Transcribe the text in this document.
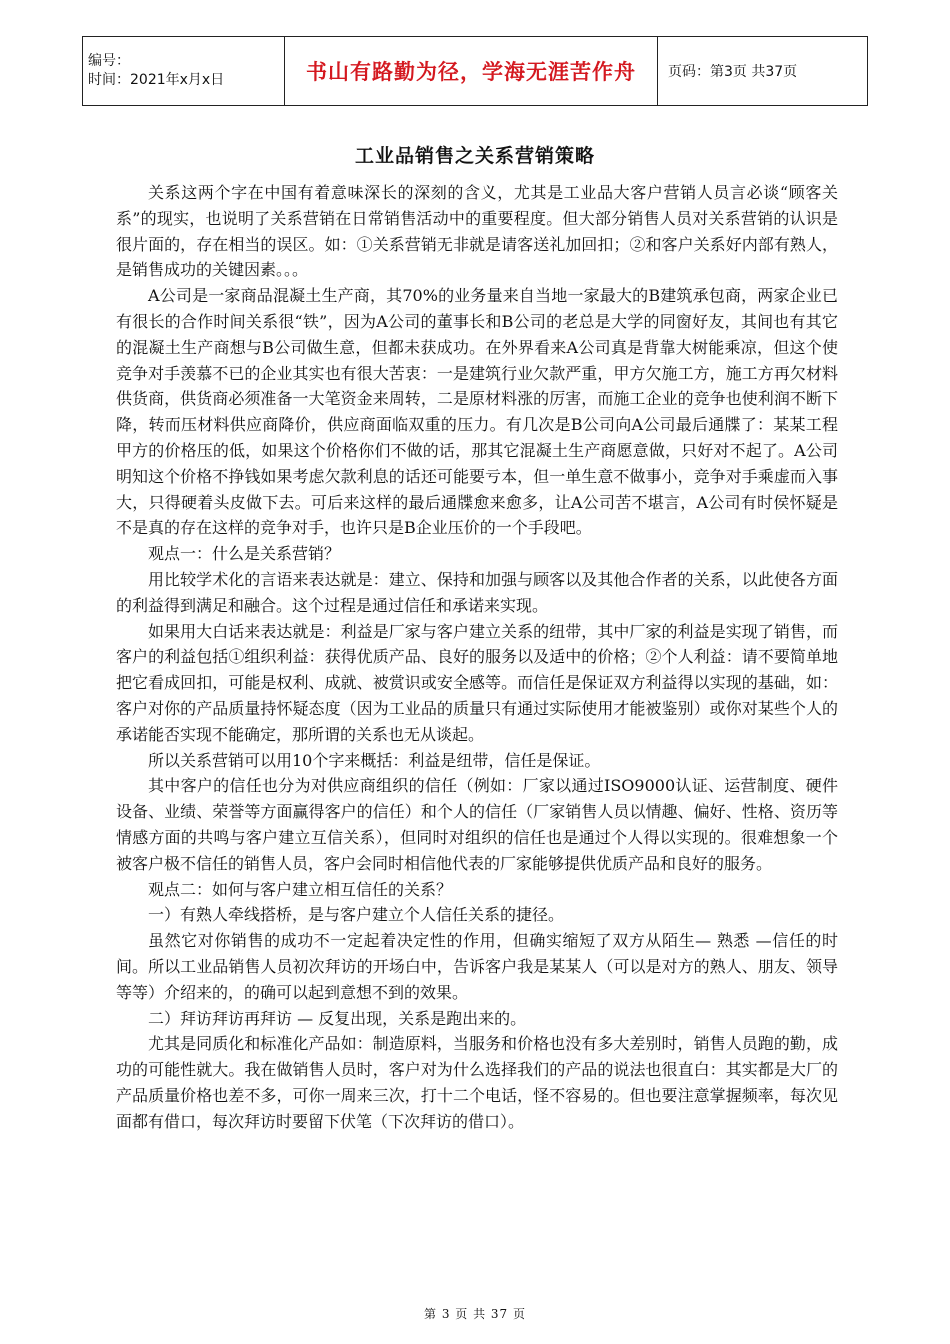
编号：
时间：2021年x月x日	书山有路勤为径，学海无涯苦作舟	页码：第3页 共37页
工业品销售之关系营销策略

关系这两个字在中国有着意味深长的深刻的含义，尤其是工业品大客户营销人员言必谈“顾客关系”的现实，也说明了关系营销在日常销售活动中的重要程度。但大部分销售人员对关系营销的认识是很片面的，存在相当的误区。如：①关系营销无非就是请客送礼加回扣；②和客户关系好内部有熟人，是销售成功的关键因素。。。

A公司是一家商品混凝土生产商，其70%的业务量来自当地一家最大的B建筑承包商，两家企业已有很长的合作时间关系很“铁”，因为A公司的董事长和B公司的老总是大学的同窗好友，其间也有其它的混凝土生产商想与B公司做生意，但都未获成功。在外界看来A公司真是背靠大树能乘凉，但这个使竞争对手羡慕不已的企业其实也有很大苦衷：一是建筑行业欠款严重，甲方欠施工方，施工方再欠材料供货商，供货商必须准备一大笔资金来周转，二是原材料涨的厉害，而施工企业的竞争也使利润不断下降，转而压材料供应商降价，供应商面临双重的压力。有几次是B公司向A公司最后通牒了：某某工程甲方的价格压的低，如果这个价格你们不做的话，那其它混凝土生产商愿意做，只好对不起了。A公司明知这个价格不挣钱如果考虑欠款利息的话还可能要亏本，但一单生意不做事小，竞争对手乘虚而入事大，只得硬着头皮做下去。可后来这样的最后通牒愈来愈多，让A公司苦不堪言，A公司有时侯怀疑是不是真的存在这样的竞争对手，也许只是B企业压价的一个手段吧。

观点一：什么是关系营销？

用比较学术化的言语来表达就是：建立、保持和加强与顾客以及其他合作者的关系，以此使各方面的利益得到满足和融合。这个过程是通过信任和承诺来实现。

如果用大白话来表达就是：利益是厂家与客户建立关系的纽带，其中厂家的利益是实现了销售，而客户的利益包括①组织利益：获得优质产品、良好的服务以及适中的价格；②个人利益：请不要简单地把它看成回扣，可能是权利、成就、被赏识或安全感等。而信任是保证双方利益得以实现的基础，如：客户对你的产品质量持怀疑态度（因为工业品的质量只有通过实际使用才能被鉴别）或你对某些个人的承诺能否实现不能确定，那所谓的关系也无从谈起。

所以关系营销可以用10个字来概括：利益是纽带，信任是保证。

其中客户的信任也分为对供应商组织的信任（例如：厂家以通过ISO9000认证、运营制度、硬件设备、业绩、荣誉等方面赢得客户的信任）和个人的信任（厂家销售人员以情趣、偏好、性格、资历等情感方面的共鸣与客户建立互信关系），但同时对组织的信任也是通过个人得以实现的。很难想象一个被客户极不信任的销售人员，客户会同时相信他代表的厂家能够提供优质产品和良好的服务。

观点二：如何与客户建立相互信任的关系？

一）有熟人牵线搭桥，是与客户建立个人信任关系的捷径。

虽然它对你销售的成功不一定起着决定性的作用，但确实缩短了双方从陌生— 熟悉 —信任的时间。所以工业品销售人员初次拜访的开场白中，告诉客户我是某某人（可以是对方的熟人、朋友、领导等等）介绍来的，的确可以起到意想不到的效果。

二）拜访拜访再拜访 — 反复出现，关系是跑出来的。

尤其是同质化和标准化产品如：制造原料，当服务和价格也没有多大差别时，销售人员跑的勤，成功的可能性就大。我在做销售人员时，客户对为什么选择我们的产品的说法也很直白：其实都是大厂的产品质量价格也差不多，可你一周来三次，打十二个电话，怪不容易的。但也要注意掌握频率，每次见面都有借口，每次拜访时要留下伏笔（下次拜访的借口）。

第 3 页 共 37 页
